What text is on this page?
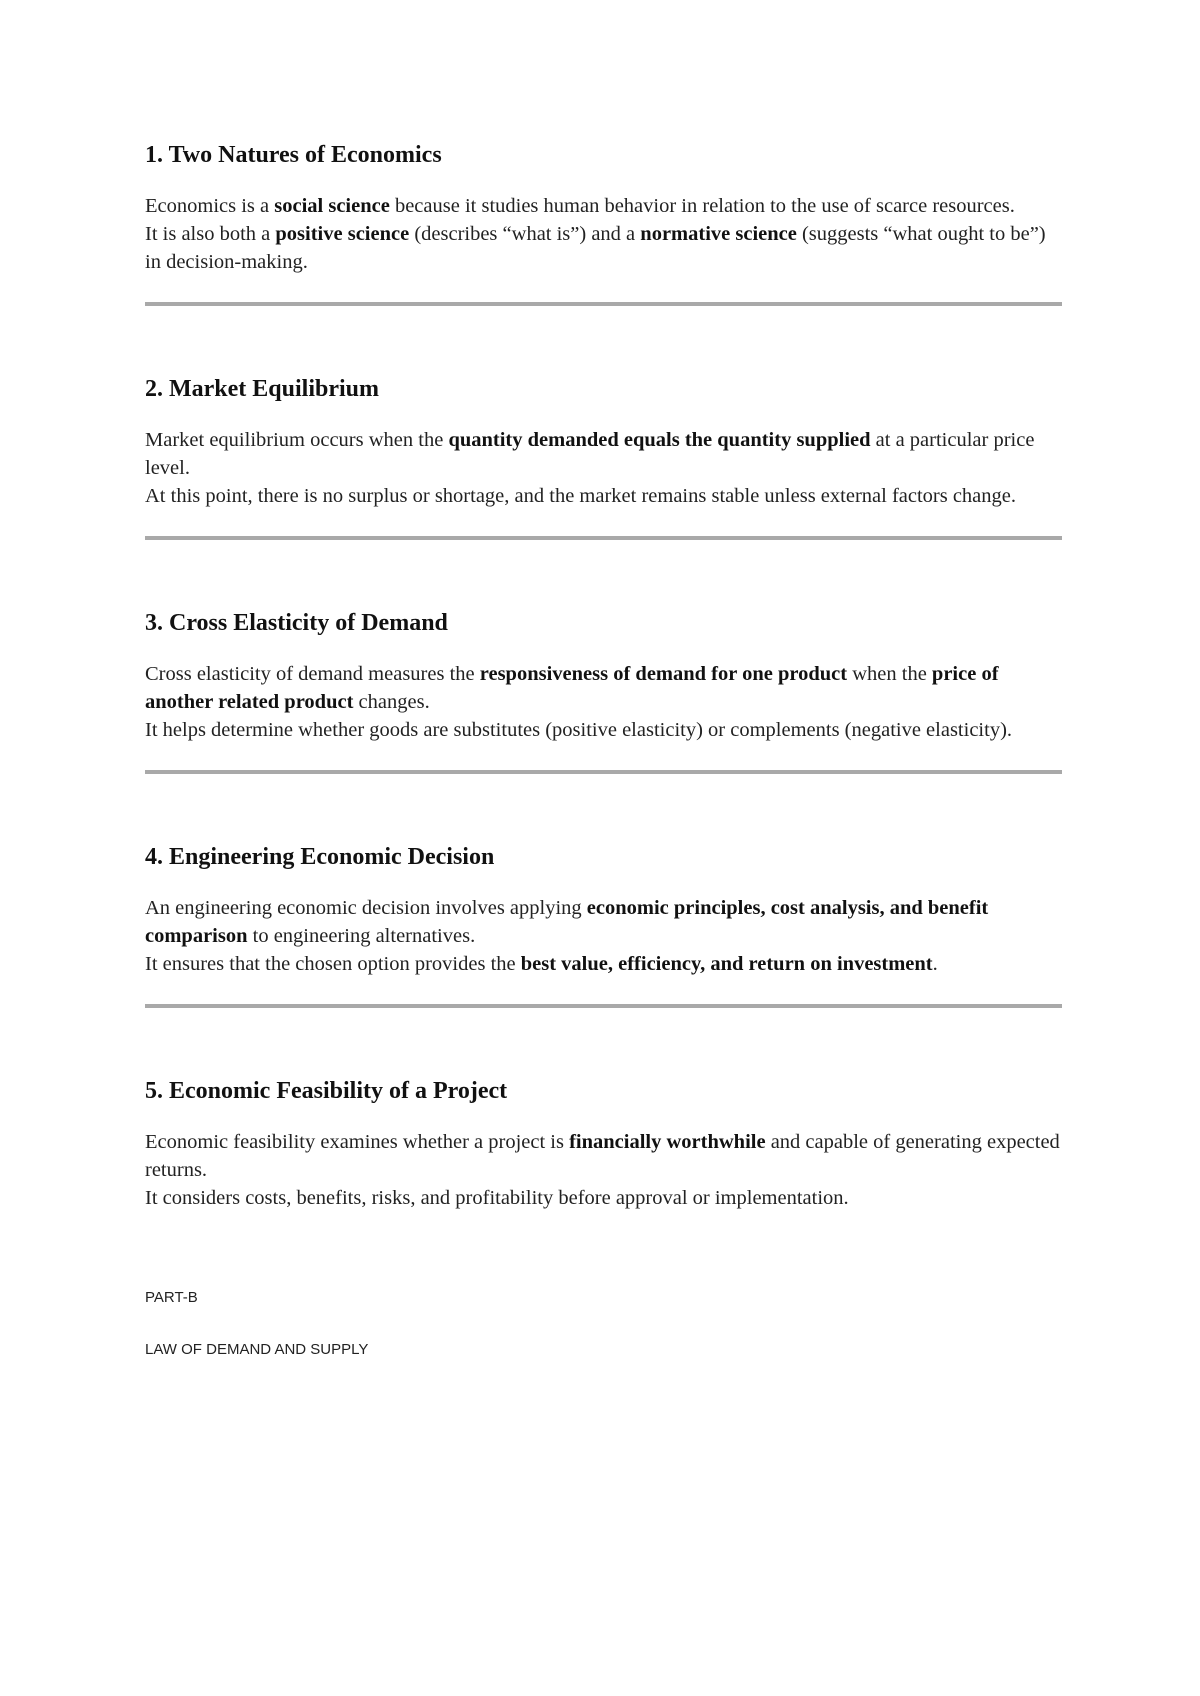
1. Two Natures of Economics

Economics is a social science because it studies human behavior in relation to the use of scarce resources.

It is also both a positive science (describes “what is”) and a normative science (suggests “what ought to be”) in decision-making.

2. Market Equilibrium

Market equilibrium occurs when the quantity demanded equals the quantity supplied at a particular price level.

At this point, there is no surplus or shortage, and the market remains stable unless external factors change.

3. Cross Elasticity of Demand

Cross elasticity of demand measures the responsiveness of demand for one product when the price of another related product changes.

It helps determine whether goods are substitutes (positive elasticity) or complements (negative elasticity).

4. Engineering Economic Decision

An engineering economic decision involves applying economic principles, cost analysis, and benefit comparison to engineering alternatives.

It ensures that the chosen option provides the best value, efficiency, and return on investment.

5. Economic Feasibility of a Project

Economic feasibility examines whether a project is financially worthwhile and capable of generating expected returns.

It considers costs, benefits, risks, and profitability before approval or implementation.

PART-B

LAW OF DEMAND AND SUPPLY
